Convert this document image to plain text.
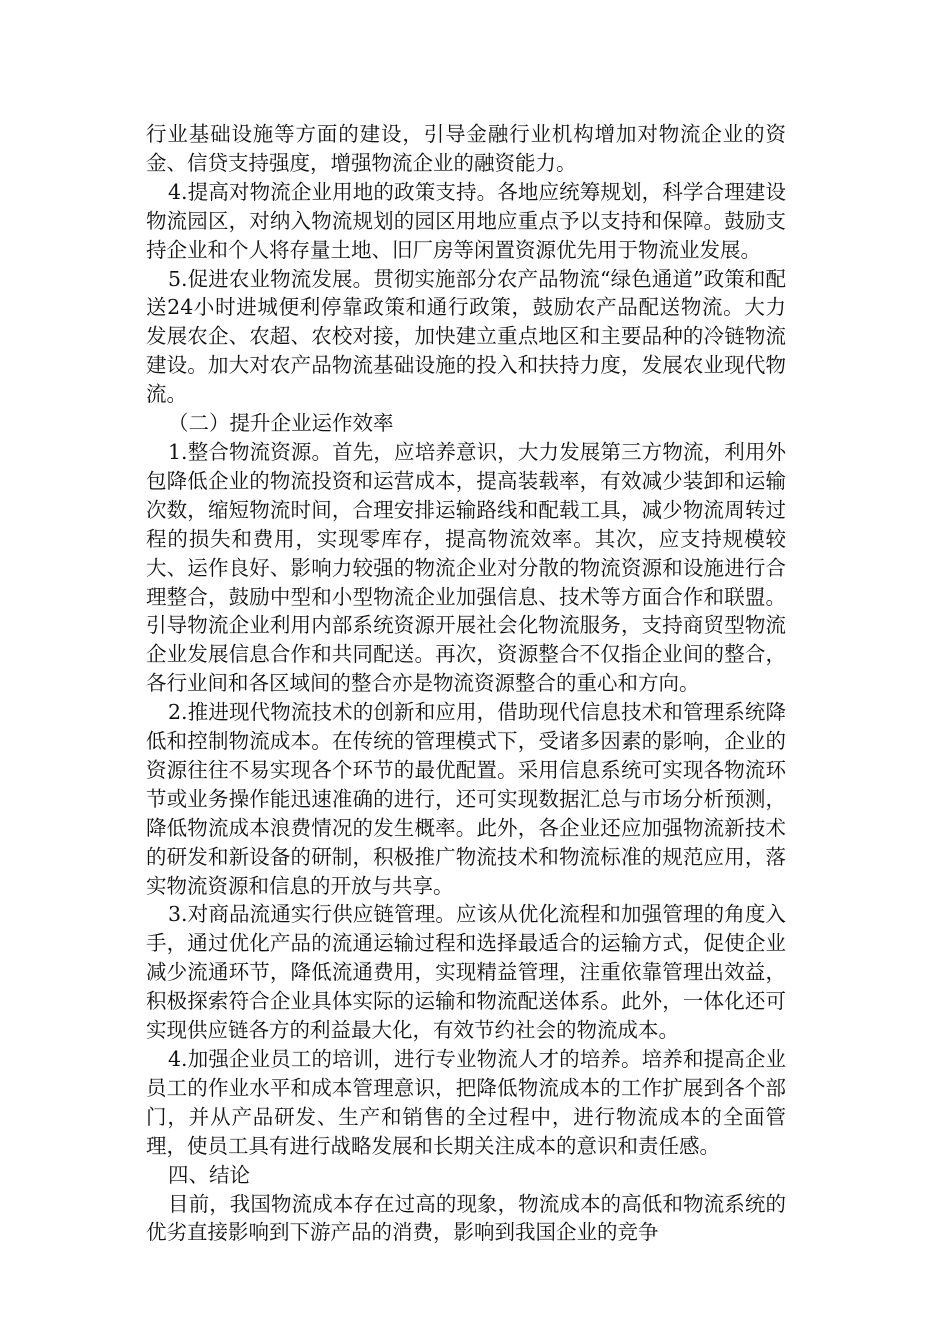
行业基础设施等方面的建设，引导金融行业机构增加对物流企业的资金、信贷支持强度，增强物流企业的融资能力。

4.提高对物流企业用地的政策支持。各地应统筹规划，科学合理建设物流园区，对纳入物流规划的园区用地应重点予以支持和保障。鼓励支持企业和个人将存量土地、旧厂房等闲置资源优先用于物流业发展。

5.促进农业物流发展。贯彻实施部分农产品物流“绿色通道”政策和配送24小时进城便利停靠政策和通行政策，鼓励农产品配送物流。大力发展农企、农超、农校对接，加快建立重点地区和主要品种的冷链物流建设。加大对农产品物流基础设施的投入和扶持力度，发展农业现代物流。

（二）提升企业运作效率

1.整合物流资源。首先，应培养意识，大力发展第三方物流，利用外包降低企业的物流投资和运营成本，提高装载率，有效减少装卸和运输次数，缩短物流时间，合理安排运输路线和配载工具，减少物流周转过程的损失和费用，实现零库存，提高物流效率。其次，应支持规模较大、运作良好、影响力较强的物流企业对分散的物流资源和设施进行合理整合，鼓励中型和小型物流企业加强信息、技术等方面合作和联盟。引导物流企业利用内部系统资源开展社会化物流服务，支持商贸型物流企业发展信息合作和共同配送。再次，资源整合不仅指企业间的整合，各行业间和各区域间的整合亦是物流资源整合的重心和方向。

2.推进现代物流技术的创新和应用，借助现代信息技术和管理系统降低和控制物流成本。在传统的管理模式下，受诸多因素的影响，企业的资源往往不易实现各个环节的最优配置。采用信息系统可实现各物流环节或业务操作能迅速准确的进行，还可实现数据汇总与市场分析预测，降低物流成本浪费情况的发生概率。此外，各企业还应加强物流新技术的研发和新设备的研制，积极推广物流技术和物流标准的规范应用，落实物流资源和信息的开放与共享。

3.对商品流通实行供应链管理。应该从优化流程和加强管理的角度入手，通过优化产品的流通运输过程和选择最适合的运输方式，促使企业减少流通环节，降低流通费用，实现精益管理，注重依靠管理出效益，积极探索符合企业具体实际的运输和物流配送体系。此外，一体化还可实现供应链各方的利益最大化，有效节约社会的物流成本。

4.加强企业员工的培训，进行专业物流人才的培养。培养和提高企业员工的作业水平和成本管理意识，把降低物流成本的工作扩展到各个部门，并从产品研发、生产和销售的全过程中，进行物流成本的全面管理，使员工具有进行战略发展和长期关注成本的意识和责任感。

四、结论

目前，我国物流成本存在过高的现象，物流成本的高低和物流系统的优劣直接影响到下游产品的消费，影响到我国企业的竞争
